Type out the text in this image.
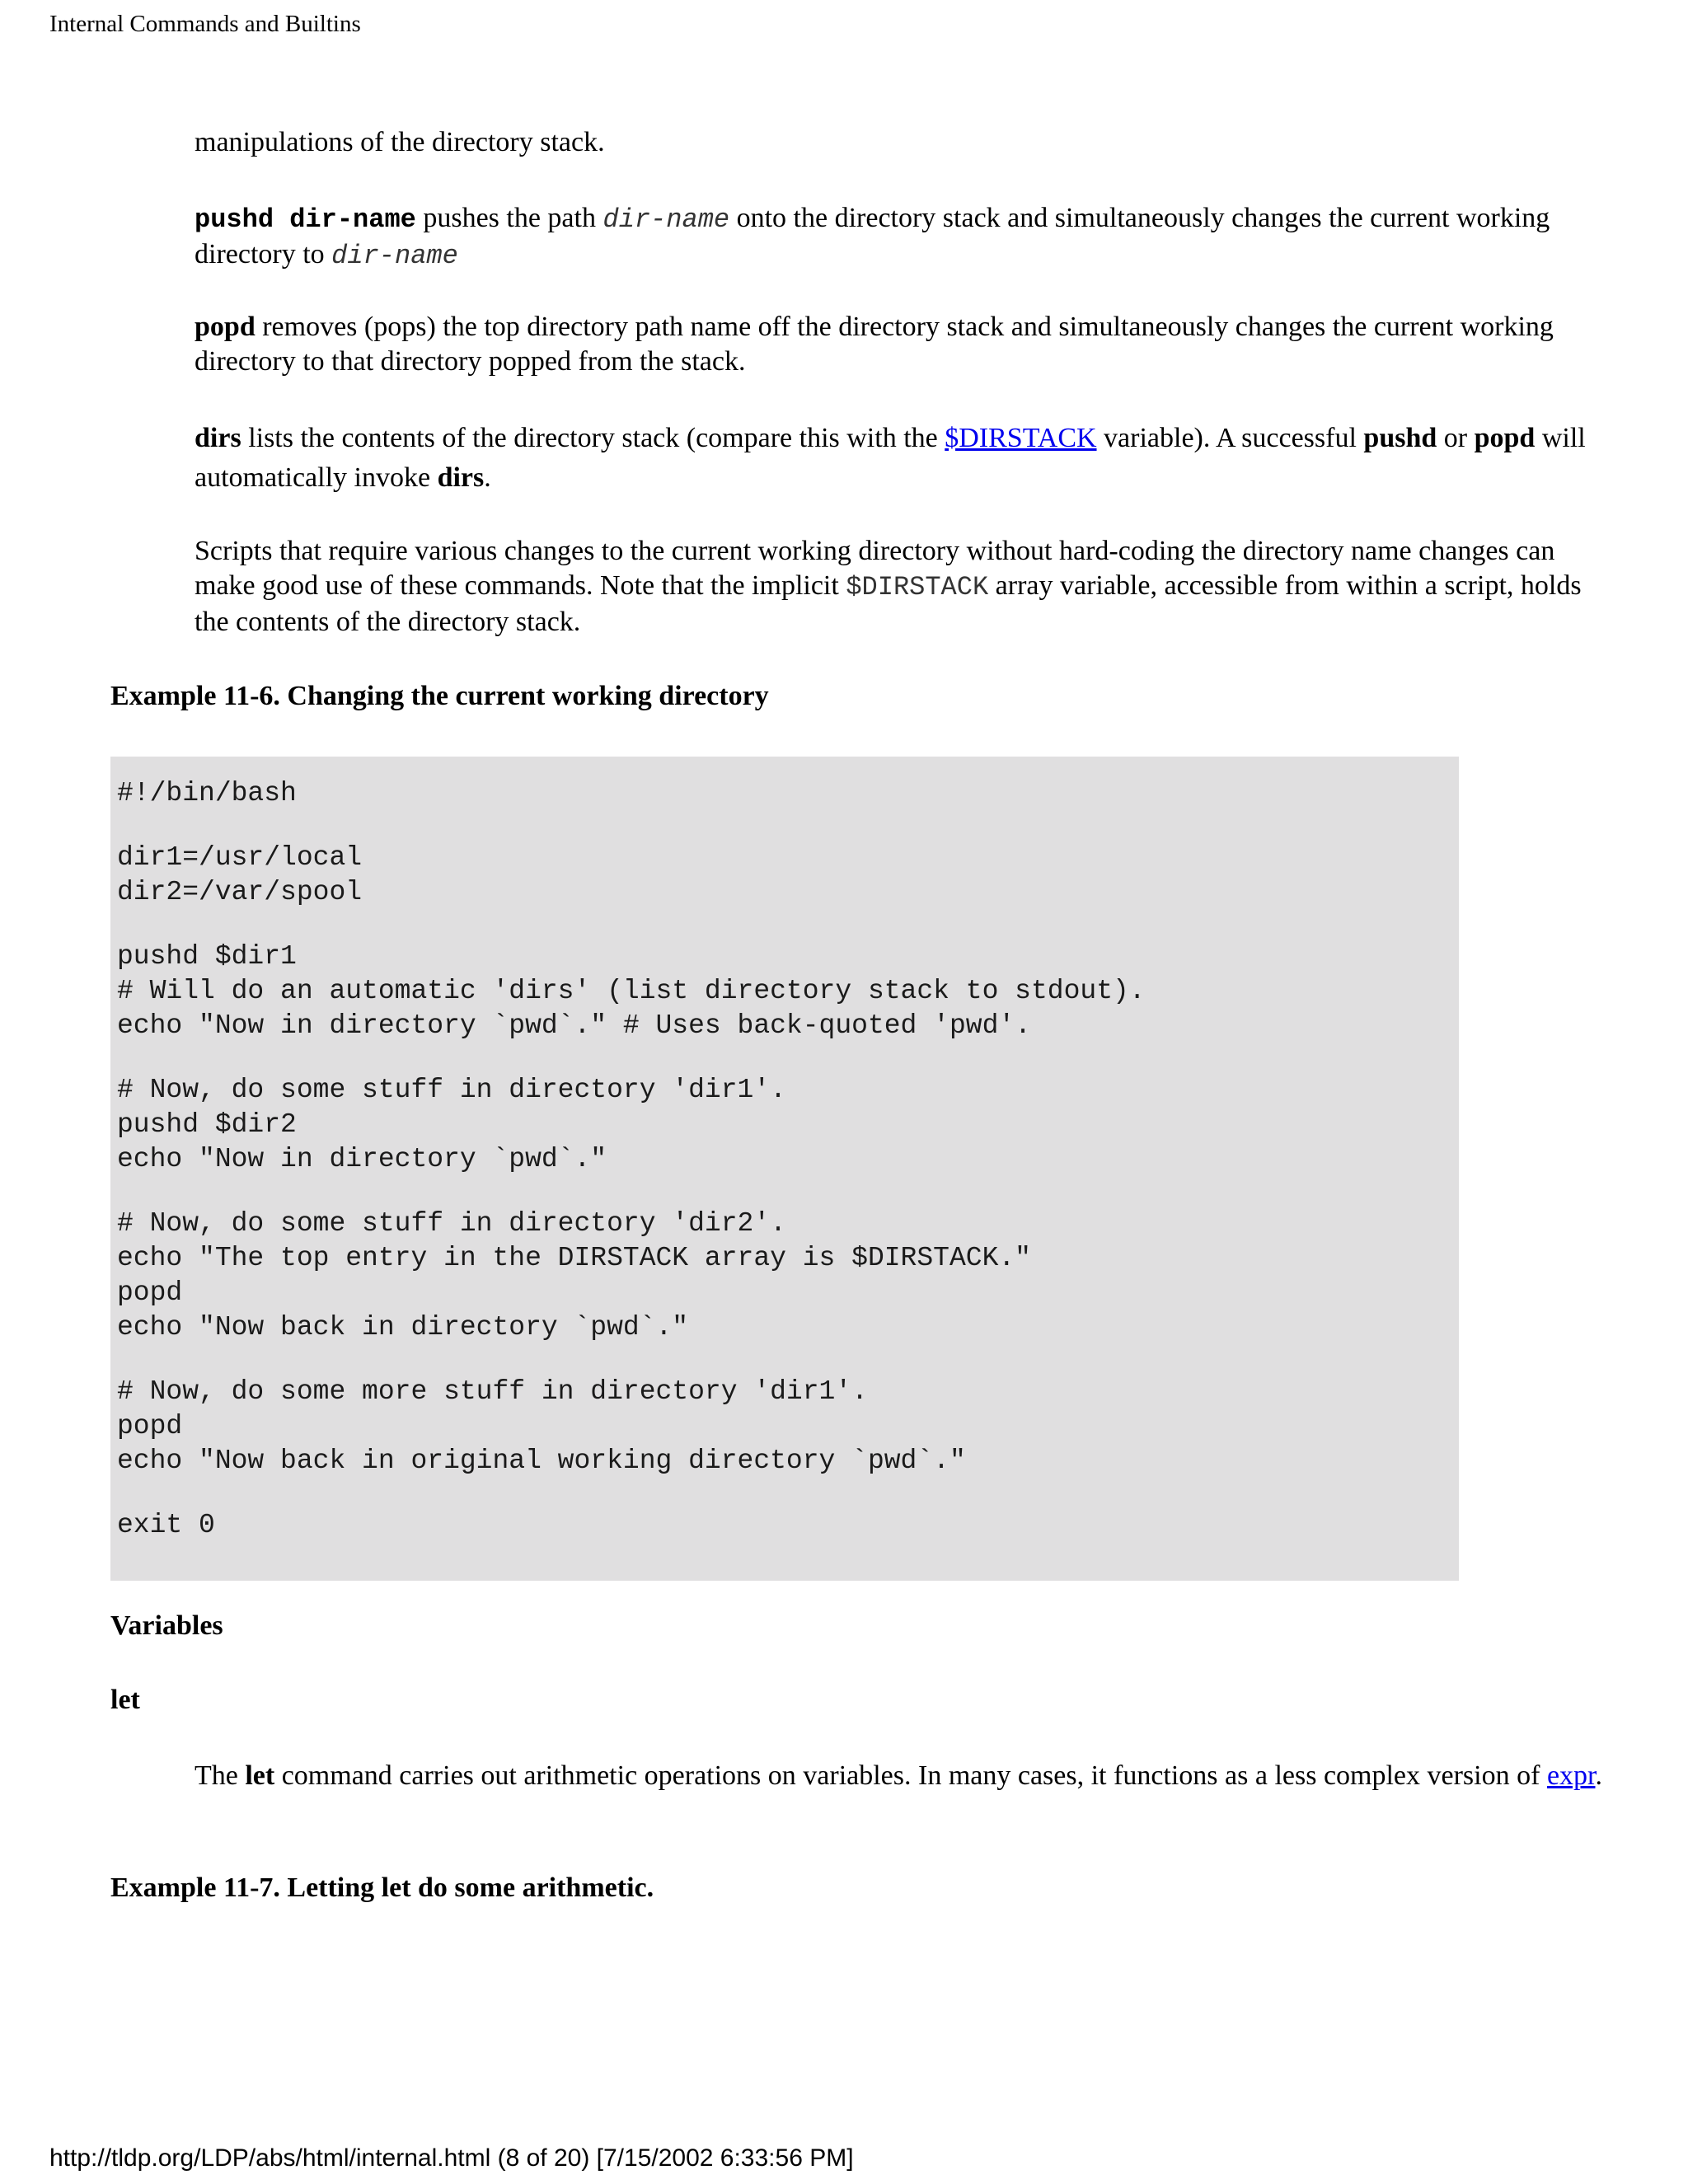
Internal Commands and Builtins

manipulations of the directory stack.

pushd dir-name pushes the path dir-name onto the directory stack and simultaneously changes the current working directory to dir-name

popd removes (pops) the top directory path name off the directory stack and simultaneously changes the current working directory to that directory popped from the stack.

dirs lists the contents of the directory stack (compare this with the $DIRSTACK variable). A successful pushd or popd will automatically invoke dirs.

Scripts that require various changes to the current working directory without hard-coding the directory name changes can make good use of these commands. Note that the implicit $DIRSTACK array variable, accessible from within a script, holds the contents of the directory stack.

Example 11-6. Changing the current working directory

#!/bin/bash
dir1=/usr/local
dir2=/var/spool
pushd $dir1
# Will do an automatic 'dirs' (list directory stack to stdout).
echo "Now in directory `pwd`." # Uses back-quoted 'pwd'.
# Now, do some stuff in directory 'dir1'.
pushd $dir2
echo "Now in directory `pwd`."
# Now, do some stuff in directory 'dir2'.
echo "The top entry in the DIRSTACK array is $DIRSTACK."
popd
echo "Now back in directory `pwd`."
# Now, do some more stuff in directory 'dir1'.
popd
echo "Now back in original working directory `pwd`."
exit 0

Variables

let

The let command carries out arithmetic operations on variables. In many cases, it functions as a less complex version of expr.

Example 11-7. Letting let do some arithmetic.

http://tldp.org/LDP/abs/html/internal.html (8 of 20) [7/15/2002 6:33:56 PM]
